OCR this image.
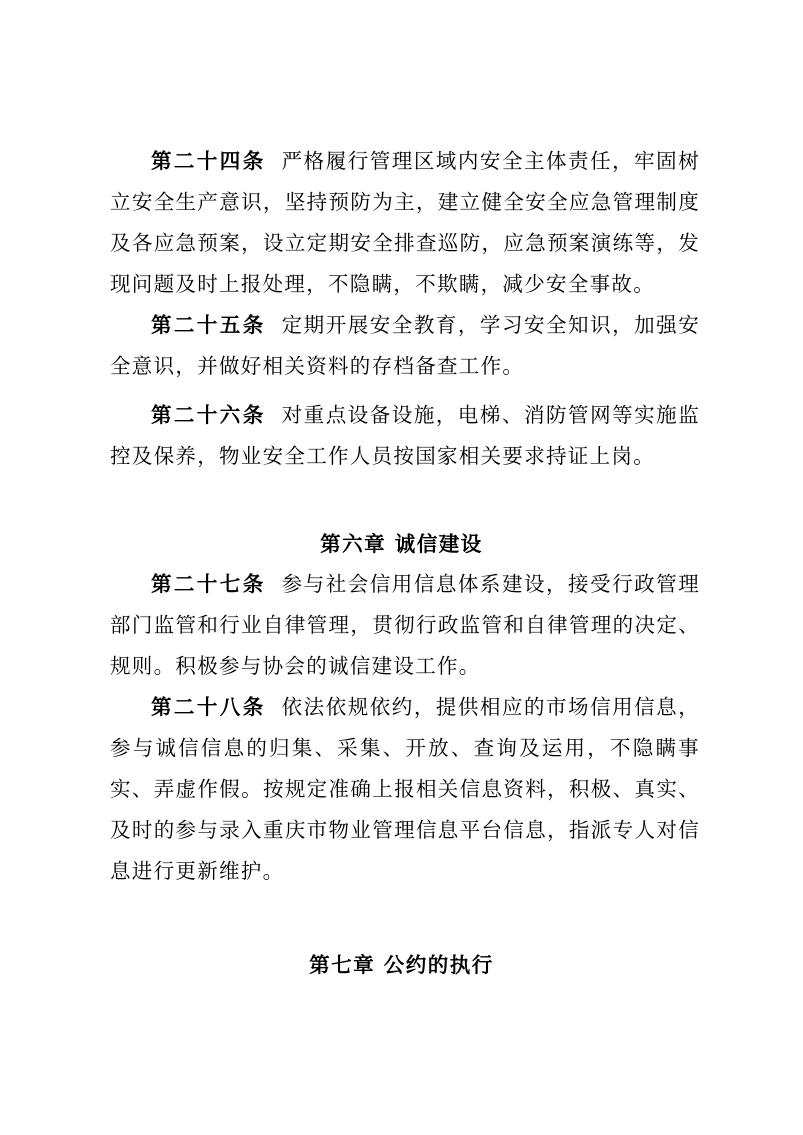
第二十四条 严格履行管理区域内安全主体责任，牢固树立安全生产意识，坚持预防为主，建立健全安全应急管理制度及各应急预案，设立定期安全排查巡防，应急预案演练等，发现问题及时上报处理，不隐瞒，不欺瞒，减少安全事故。

第二十五条 定期开展安全教育，学习安全知识，加强安全意识，并做好相关资料的存档备查工作。

第二十六条 对重点设备设施，电梯、消防管网等实施监控及保养，物业安全工作人员按国家相关要求持证上岗。

第六章 诚信建设

第二十七条 参与社会信用信息体系建设，接受行政管理部门监管和行业自律管理，贯彻行政监管和自律管理的决定、规则。积极参与协会的诚信建设工作。

第二十八条 依法依规依约，提供相应的市场信用信息，参与诚信信息的归集、采集、开放、查询及运用，不隐瞒事实、弄虚作假。按规定准确上报相关信息资料，积极、真实、及时的参与录入重庆市物业管理信息平台信息，指派专人对信息进行更新维护。

第七章 公约的执行
